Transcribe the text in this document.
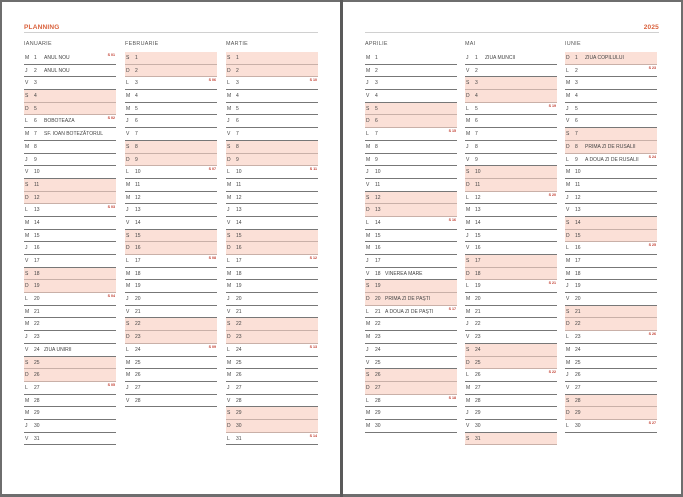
PLANNING
IANUARIE
M 1 ANUL NOU	S 01
J 2 ANUL NOU
V 3
S 4
D 5
L 6 BOBOTEAZA	S 02
M 7 SF. IOAN BOTEZĂTORUL
M 8
J 9
V 10
S 11
D 12
L 13	S 03
M 14
M 15
J 16
V 17
S 18
D 19
L 20	S 04
M 21
M 22
J 23
V 24 ZIUA UNIRII
S 25
D 26
L 27	S 05
M 28
M 29
J 30
V 31
FEBRUARIE
S 1
D 2
L 3	S 06
M 4
M 5
J 6
V 7
S 8
D 9
L 10	S 07
M 11
M 12
J 13
V 14
S 15
D 16
L 17	S 08
M 18
M 19
J 20
V 21
S 22
D 23
L 24	S 09
M 25
M 26
J 27
V 28
MARTIE
S 1
D 2
L 3	S 10
M 4
M 5
J 6
V 7
S 8
D 9
L 10	S 11
M 11
M 12
J 13
V 14
S 15
D 16
L 17	S 12
M 18
M 19
J 20
V 21
S 22
D 23
L 24	S 13
M 25
M 26
J 27
V 28
S 29
D 30
L 31	S 14
2025
APRILIE
M 1
M 2
J 3
V 4
S 5
D 6
L 7	S 15
M 8
M 9
J 10
V 11
S 12
D 13
L 14	S 16
M 15
M 16
J 17
V 18 VINEREA MARE
S 19
D 20 PRIMA ZI DE PAȘTI
L 21 A DOUA ZI DE PAȘTI	S 17
M 22
M 23
J 24
V 25
S 26
D 27
L 28	S 18
M 29
M 30
MAI
J 1 ZIUA MUNCII
V 2
S 3
D 4
L 5	S 19
M 6
M 7
J 8
V 9
S 10
D 11
L 12	S 20
M 13
M 14
J 15
V 16
S 17
D 18
L 19	S 21
M 20
M 21
J 22
V 23
S 24
D 25
L 26	S 22
M 27
M 28
J 29
V 30
S 31
IUNIE
D 1 ZIUA COPILULUI
L 2	S 23
M 3
M 4
J 5
V 6
S 7
D 8 PRIMA ZI DE RUSALII
L 9 A DOUA ZI DE RUSALII	S 24
M 10
M 11
J 12
V 13
S 14
D 15
L 16	S 25
M 17
M 18
J 19
V 20
S 21
D 22
L 23	S 26
M 24
M 25
J 26
V 27
S 28
D 29
L 30	S 27
